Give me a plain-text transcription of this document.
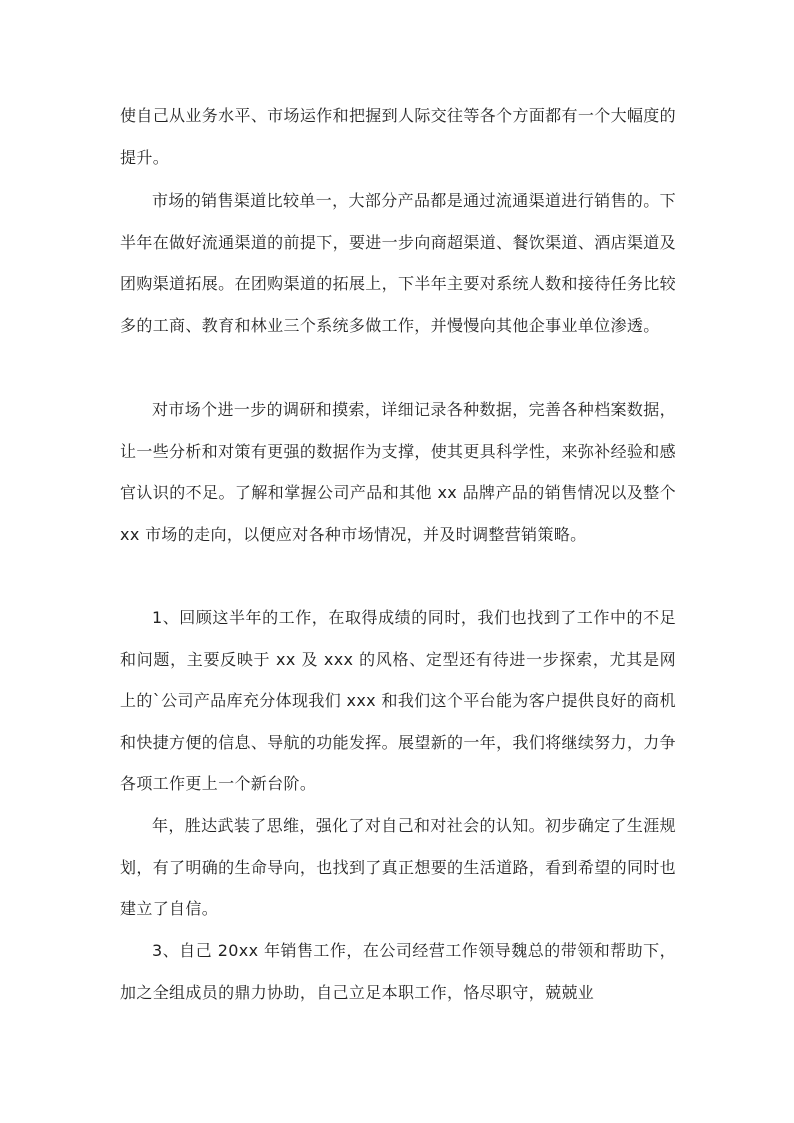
使自己从业务水平、市场运作和把握到人际交往等各个方面都有一个大幅度的提升。

市场的销售渠道比较单一，大部分产品都是通过流通渠道进行销售的。下半年在做好流通渠道的前提下，要进一步向商超渠道、餐饮渠道、酒店渠道及团购渠道拓展。在团购渠道的拓展上，下半年主要对系统人数和接待任务比较多的工商、教育和林业三个系统多做工作，并慢慢向其他企事业单位渗透。

对市场个进一步的调研和摸索，详细记录各种数据，完善各种档案数据，让一些分析和对策有更强的数据作为支撑，使其更具科学性，来弥补经验和感官认识的不足。了解和掌握公司产品和其他 xx 品牌产品的销售情况以及整个 xx 市场的走向，以便应对各种市场情况，并及时调整营销策略。

1、回顾这半年的工作，在取得成绩的同时，我们也找到了工作中的不足和问题，主要反映于 xx 及 xxx 的风格、定型还有待进一步探索，尤其是网上的`公司产品库充分体现我们 xxx 和我们这个平台能为客户提供良好的商机和快捷方便的信息、导航的功能发挥。展望新的一年，我们将继续努力，力争各项工作更上一个新台阶。

年，胜达武装了思维，强化了对自己和对社会的认知。初步确定了生涯规划，有了明确的生命导向，也找到了真正想要的生活道路，看到希望的同时也建立了自信。

3、自己 20xx 年销售工作，在公司经营工作领导魏总的带领和帮助下，加之全组成员的鼎力协助，自己立足本职工作，恪尽职守，兢兢业
